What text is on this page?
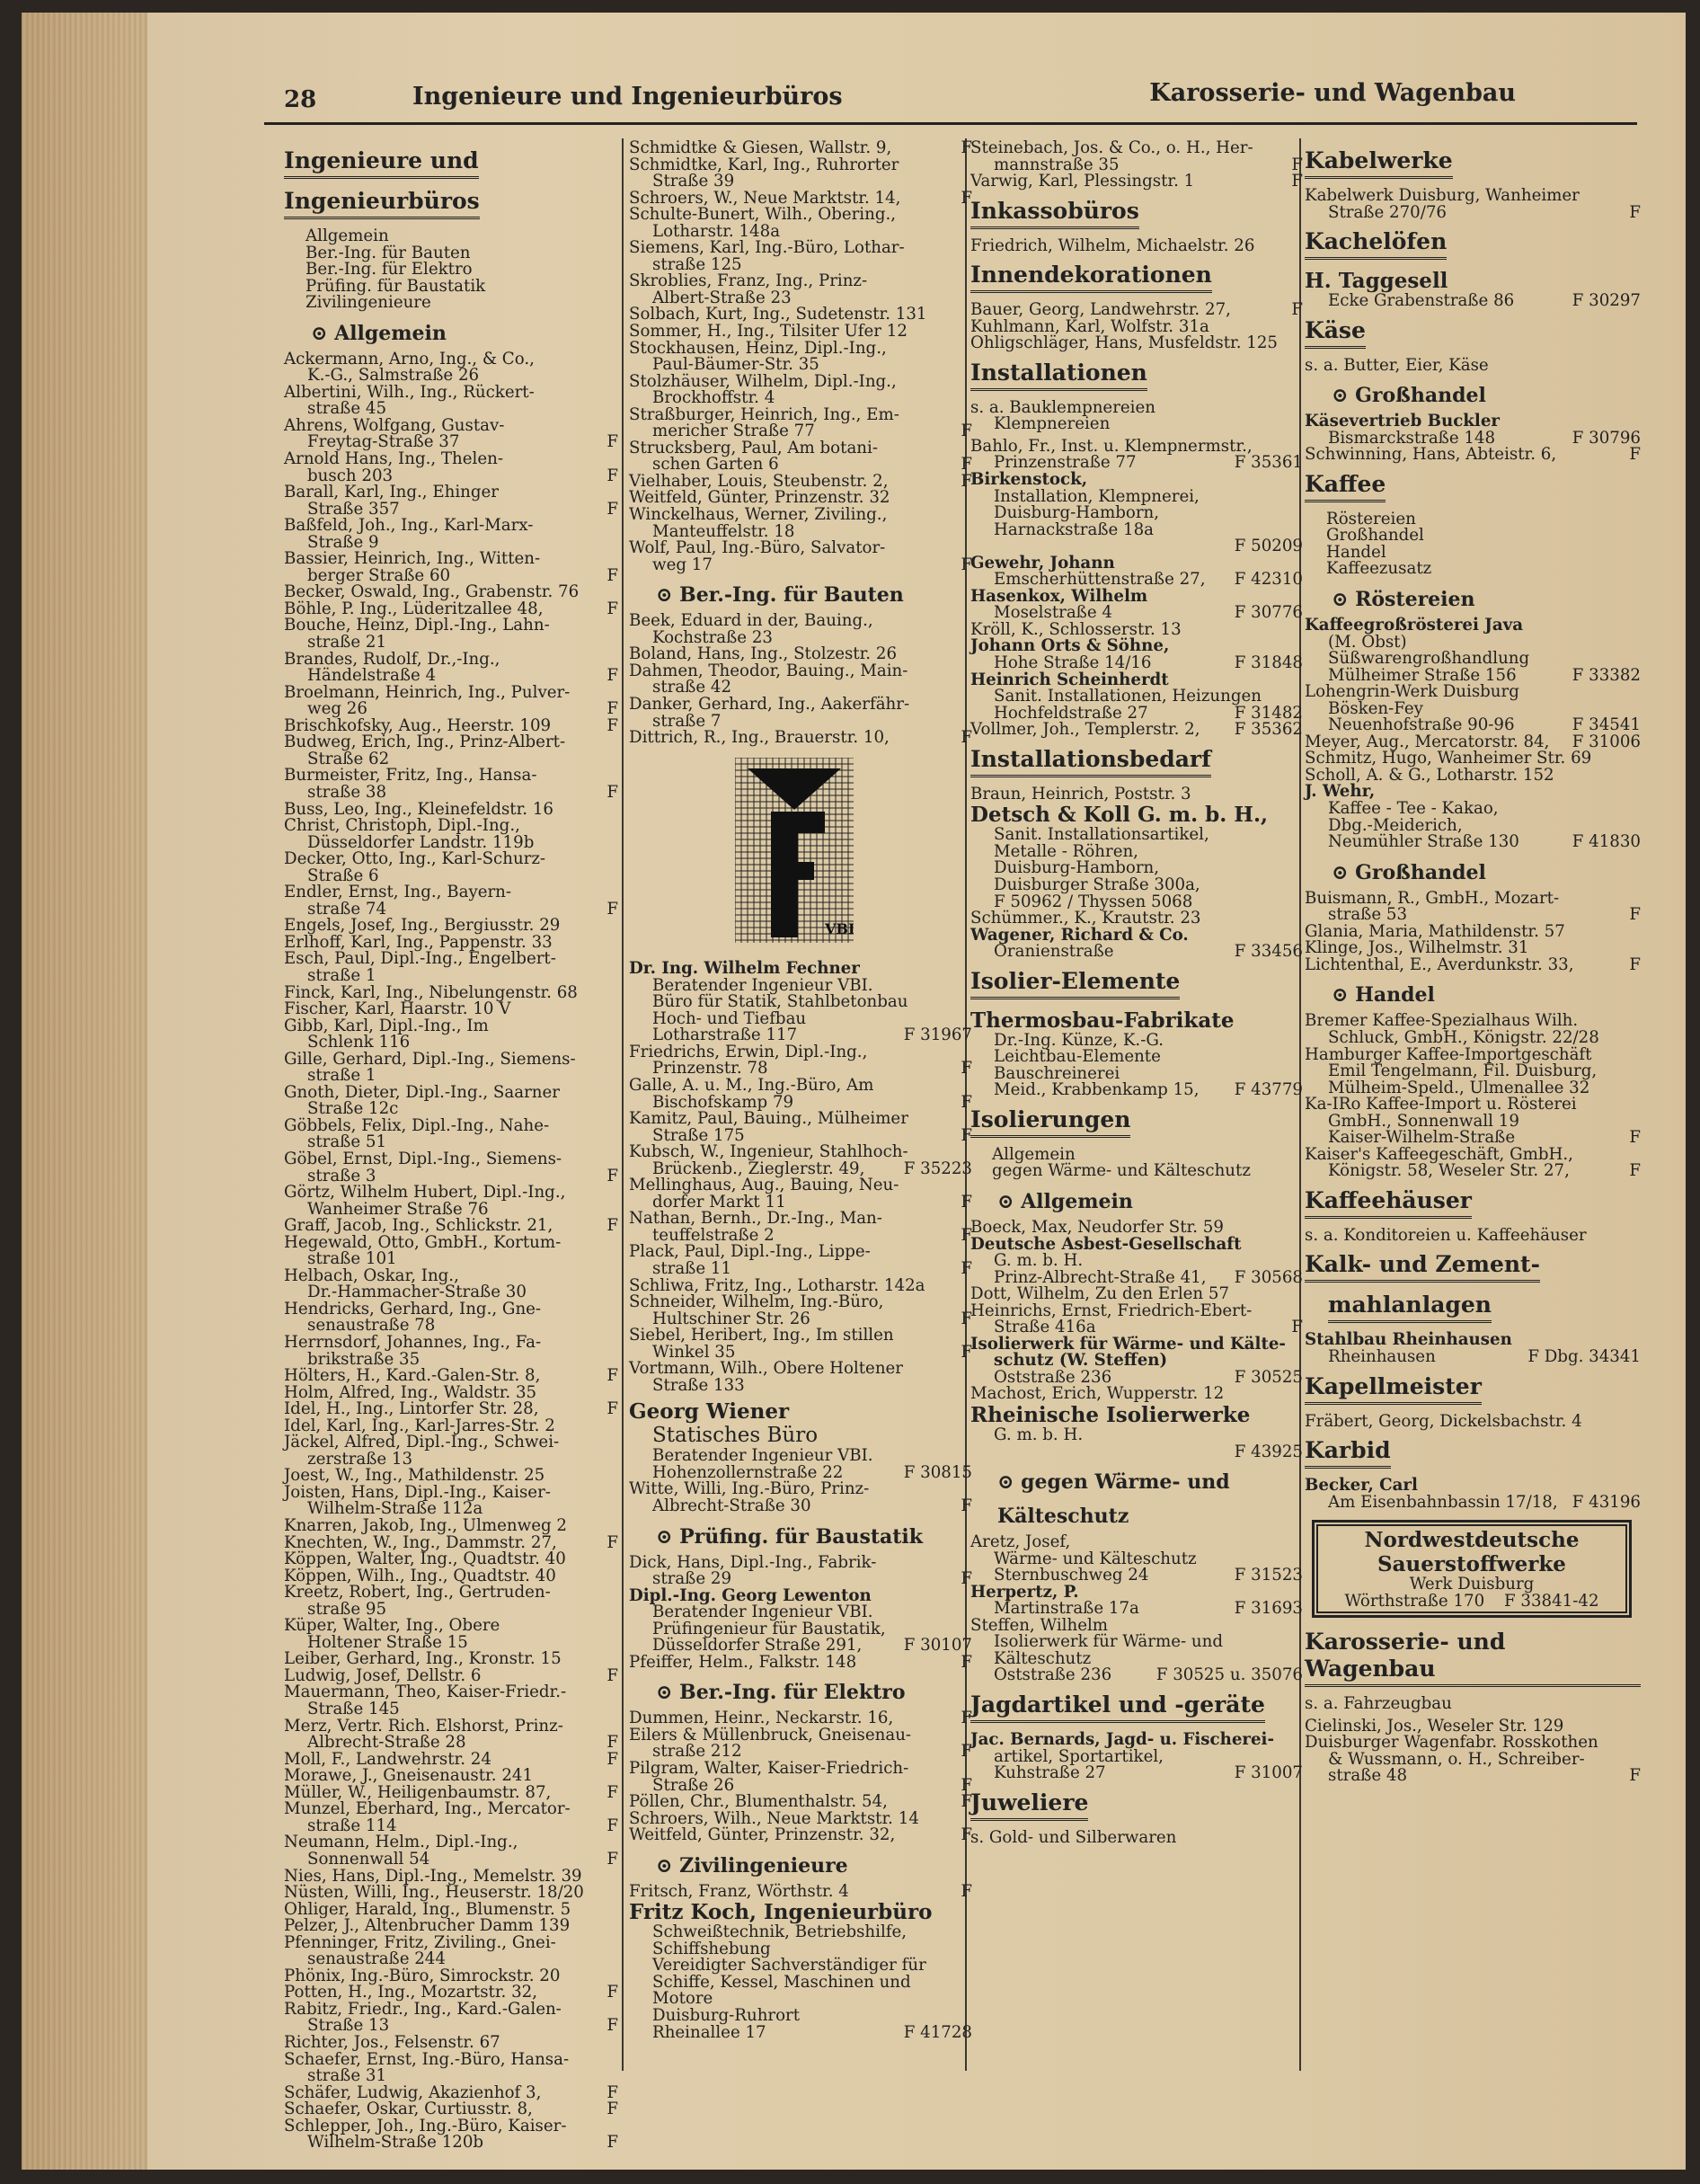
28	Ingenieure und Ingenieurbüros	Karosserie- und Wagenbau
Ingenieure und
Ingenieurbüros
Allgemein
Ber.-Ing. für Bauten
Ber.-Ing. für Elektro
Prüfing. für Baustatik
Zivilingenieure
⊙ Allgemein
Ackermann, Arno, Ing., & Co.,
K.-G., Salmstraße 26
Albertini, Wilh., Ing., Rückert-
straße 45
Ahrens, Wolfgang, Gustav-
Freytag-Straße 37	F
Arnold Hans, Ing., Thelen-
busch 203	F
Barall, Karl, Ing., Ehinger
Straße 357	F
Baßfeld, Joh., Ing., Karl-Marx-
Straße 9
Bassier, Heinrich, Ing., Witten-
berger Straße 60	F
Becker, Oswald, Ing., Grabenstr. 76
Böhle, P. Ing., Lüderitzallee 48,	F
Bouche, Heinz, Dipl.-Ing., Lahn-
straße 21
Brandes, Rudolf, Dr.,-Ing.,
Händelstraße 4	F
Broelmann, Heinrich, Ing., Pulver-
weg 26	F
Brischkofsky, Aug., Heerstr. 109	F
Budweg, Erich, Ing., Prinz-Albert-
Straße 62
Burmeister, Fritz, Ing., Hansa-
straße 38	F
Buss, Leo, Ing., Kleinefeldstr. 16
Christ, Christoph, Dipl.-Ing.,
Düsseldorfer Landstr. 119b
Decker, Otto, Ing., Karl-Schurz-
Straße 6
Endler, Ernst, Ing., Bayern-
straße 74	F
Engels, Josef, Ing., Bergiusstr. 29
Erlhoff, Karl, Ing., Pappenstr. 33
Esch, Paul, Dipl.-Ing., Engelbert-
straße 1
Finck, Karl, Ing., Nibelungenstr. 68
Fischer, Karl, Haarstr. 10 V
Gibb, Karl, Dipl.-Ing., Im
Schlenk 116
Gille, Gerhard, Dipl.-Ing., Siemens-
straße 1
Gnoth, Dieter, Dipl.-Ing., Saarner
Straße 12c
Göbbels, Felix, Dipl.-Ing., Nahe-
straße 51
Göbel, Ernst, Dipl.-Ing., Siemens-
straße 3	F
Görtz, Wilhelm Hubert, Dipl.-Ing.,
Wanheimer Straße 76
Graff, Jacob, Ing., Schlickstr. 21,	F
Hegewald, Otto, GmbH., Kortum-
straße 101
Helbach, Oskar, Ing.,
Dr.-Hammacher-Straße 30
Hendricks, Gerhard, Ing., Gne-
senaustraße 78
Herrnsdorf, Johannes, Ing., Fa-
brikstraße 35
Hölters, H., Kard.-Galen-Str. 8,	F
Holm, Alfred, Ing., Waldstr. 35
Idel, H., Ing., Lintorfer Str. 28,	F
Idel, Karl, Ing., Karl-Jarres-Str. 2
Jäckel, Alfred, Dipl.-Ing., Schwei-
zerstraße 13
Joest, W., Ing., Mathildenstr. 25
Joisten, Hans, Dipl.-Ing., Kaiser-
Wilhelm-Straße 112a
Knarren, Jakob, Ing., Ulmenweg 2
Knechten, W., Ing., Dammstr. 27,	F
Köppen, Walter, Ing., Quadtstr. 40
Köppen, Wilh., Ing., Quadtstr. 40
Kreetz, Robert, Ing., Gertruden-
straße 95
Küper, Walter, Ing., Obere
Holtener Straße 15
Leiber, Gerhard, Ing., Kronstr. 15
Ludwig, Josef, Dellstr. 6	F
Mauermann, Theo, Kaiser-Friedr.-
Straße 145
Merz, Vertr. Rich. Elshorst, Prinz-
Albrecht-Straße 28	F
Moll, F., Landwehrstr. 24	F
Morawe, J., Gneisenaustr. 241
Müller, W., Heiligenbaumstr. 87,	F
Munzel, Eberhard, Ing., Mercator-
straße 114	F
Neumann, Helm., Dipl.-Ing.,
Sonnenwall 54	F
Nies, Hans, Dipl.-Ing., Memelstr. 39
Nüsten, Willi, Ing., Heuserstr. 18/20
Ohliger, Harald, Ing., Blumenstr. 5
Pelzer, J., Altenbrucher Damm 139
Pfenninger, Fritz, Ziviling., Gnei-
senaustraße 244
Phönix, Ing.-Büro, Simrockstr. 20
Potten, H., Ing., Mozartstr. 32,	F
Rabitz, Friedr., Ing., Kard.-Galen-
Straße 13	F
Richter, Jos., Felsenstr. 67
Schaefer, Ernst, Ing.-Büro, Hansa-
straße 31
Schäfer, Ludwig, Akazienhof 3,	F
Schaefer, Oskar, Curtiusstr. 8,	F
Schlepper, Joh., Ing.-Büro, Kaiser-
Wilhelm-Straße 120b	F
Schmidtke & Giesen, Wallstr. 9,	F
Schmidtke, Karl, Ing., Ruhrorter
Straße 39
Schroers, W., Neue Marktstr. 14,	F
Schulte-Bunert, Wilh., Obering.,
Lotharstr. 148a
Siemens, Karl, Ing.-Büro, Lothar-
straße 125
Skroblies, Franz, Ing., Prinz-
Albert-Straße 23
Solbach, Kurt, Ing., Sudetenstr. 131
Sommer, H., Ing., Tilsiter Ufer 12
Stockhausen, Heinz, Dipl.-Ing.,
Paul-Bäumer-Str. 35
Stolzhäuser, Wilhelm, Dipl.-Ing.,
Brockhoffstr. 4
Straßburger, Heinrich, Ing., Em-
mericher Straße 77	F
Strucksberg, Paul, Am botani-
schen Garten 6	F
Vielhaber, Louis, Steubenstr. 2,	F
Weitfeld, Günter, Prinzenstr. 32
Winckelhaus, Werner, Ziviling.,
Manteuffelstr. 18
Wolf, Paul, Ing.-Büro, Salvator-
weg 17	F
⊙ Ber.-Ing. für Bauten
Beek, Eduard in der, Bauing.,
Kochstraße 23
Boland, Hans, Ing., Stolzestr. 26
Dahmen, Theodor, Bauing., Main-
straße 42
Danker, Gerhard, Ing., Aakerfähr-
straße 7
Dittrich, R., Ing., Brauerstr. 10,	F
VBI
Dr. Ing. Wilhelm Fechner
Beratender Ingenieur VBI.
Büro für Statik, Stahlbetonbau
Hoch- und Tiefbau
Lotharstraße 117	F 31967
Friedrichs, Erwin, Dipl.-Ing.,
Prinzenstr. 78	F
Galle, A. u. M., Ing.-Büro, Am
Bischofskamp 79	F
Kamitz, Paul, Bauing., Mülheimer
Straße 175	F
Kubsch, W., Ingenieur, Stahlhoch-
Brückenb., Zieglerstr. 49,	F 35223
Mellinghaus, Aug., Bauing, Neu-
dorfer Markt 11	F
Nathan, Bernh., Dr.-Ing., Man-
teuffelstraße 2	F
Plack, Paul, Dipl.-Ing., Lippe-
straße 11	F
Schliwa, Fritz, Ing., Lotharstr. 142a
Schneider, Wilhelm, Ing.-Büro,
Hultschiner Str. 26	F
Siebel, Heribert, Ing., Im stillen
Winkel 35	F
Vortmann, Wilh., Obere Holtener
Straße 133
Georg Wiener
Statisches Büro
Beratender Ingenieur VBI.
Hohenzollernstraße 22	F 30815
Witte, Willi, Ing.-Büro, Prinz-
Albrecht-Straße 30	F
⊙ Prüfing. für Baustatik
Dick, Hans, Dipl.-Ing., Fabrik-
straße 29	F
Dipl.-Ing. Georg Lewenton
Beratender Ingenieur VBI.
Prüfingenieur für Baustatik,
Düsseldorfer Straße 291,	F 30107
Pfeiffer, Helm., Falkstr. 148	F
⊙ Ber.-Ing. für Elektro
Dummen, Heinr., Neckarstr. 16,	F
Eilers & Müllenbruck, Gneisenau-
straße 212	F
Pilgram, Walter, Kaiser-Friedrich-
Straße 26	F
Pöllen, Chr., Blumenthalstr. 54,	F
Schroers, Wilh., Neue Marktstr. 14
Weitfeld, Günter, Prinzenstr. 32,	F
⊙ Zivilingenieure
Fritsch, Franz, Wörthstr. 4	F
Fritz Koch, Ingenieurbüro
Schweißtechnik, Betriebshilfe,
Schiffshebung
Vereidigter Sachverständiger für
Schiffe, Kessel, Maschinen und
Motore
Duisburg-Ruhrort
Rheinallee 17	F 41728
Steinebach, Jos. & Co., o. H., Her-
mannstraße 35	F
Varwig, Karl, Plessingstr. 1	F
Inkassobüros
Friedrich, Wilhelm, Michaelstr. 26
Innendekorationen
Bauer, Georg, Landwehrstr. 27,	F
Kuhlmann, Karl, Wolfstr. 31a
Ohligschläger, Hans, Musfeldstr. 125
Installationen
s. a. Bauklempnereien
Klempnereien
Bahlo, Fr., Inst. u. Klempnermstr.,
Prinzenstraße 77	F 35361
Birkenstock,
Installation, Klempnerei,
Duisburg-Hamborn,
Harnackstraße 18a
F 50209
Gewehr, Johann
Emscherhüttenstraße 27,	F 42310
Hasenkox, Wilhelm
Moselstraße 4	F 30776
Kröll, K., Schlosserstr. 13
Johann Orts & Söhne,
Hohe Straße 14/16	F 31848
Heinrich Scheinherdt
Sanit. Installationen, Heizungen
Hochfeldstraße 27	F 31482
Vollmer, Joh., Templerstr. 2,	F 35362
Installationsbedarf
Braun, Heinrich, Poststr. 3
Detsch & Koll G. m. b. H.,
Sanit. Installationsartikel,
Metalle - Röhren,
Duisburg-Hamborn,
Duisburger Straße 300a,
F 50962 / Thyssen 5068
Schümmer., K., Krautstr. 23
Wagener, Richard & Co.
Oranienstraße	F 33456
Isolier-Elemente
Thermosbau-Fabrikate
Dr.-Ing. Künze, K.-G.
Leichtbau-Elemente
Bauschreinerei
Meid., Krabbenkamp 15,	F 43779
Isolierungen
Allgemein
gegen Wärme- und Kälteschutz
⊙ Allgemein
Boeck, Max, Neudorfer Str. 59
Deutsche Asbest-Gesellschaft
G. m. b. H.
Prinz-Albrecht-Straße 41,	F 30568
Dott, Wilhelm, Zu den Erlen 57
Heinrichs, Ernst, Friedrich-Ebert-
Straße 416a	F
Isolierwerk für Wärme- und Kälte-
schutz (W. Steffen)
Oststraße 236	F 30525
Machost, Erich, Wupperstr. 12
Rheinische Isolierwerke
G. m. b. H.
F 43925
⊙ gegen Wärme- und
Kälteschutz
Aretz, Josef,
Wärme- und Kälteschutz
Sternbuschweg 24	F 31523
Herpertz, P.
Martinstraße 17a	F 31693
Steffen, Wilhelm
Isolierwerk für Wärme- und
Kälteschutz
Oststraße 236	F 30525 u. 35076
Jagdartikel und -geräte
Jac. Bernards, Jagd- u. Fischerei-
artikel, Sportartikel,
Kuhstraße 27	F 31007
Juweliere
s. Gold- und Silberwaren
Kabelwerke
Kabelwerk Duisburg, Wanheimer
Straße 270/76	F
Kachelöfen
H. Taggesell
Ecke Grabenstraße 86	F 30297
Käse
s. a. Butter, Eier, Käse
⊙ Großhandel
Käsevertrieb Buckler
Bismarckstraße 148	F 30796
Schwinning, Hans, Abteistr. 6,	F
Kaffee
Röstereien
Großhandel
Handel
Kaffeezusatz
⊙ Röstereien
Kaffeegroßrösterei Java
(M. Obst)
Süßwarengroßhandlung
Mülheimer Straße 156	F 33382
Lohengrin-Werk Duisburg
Bösken-Fey
Neuenhofstraße 90-96	F 34541
Meyer, Aug., Mercatorstr. 84,	F 31006
Schmitz, Hugo, Wanheimer Str. 69
Scholl, A. & G., Lotharstr. 152
J. Wehr,
Kaffee - Tee - Kakao,
Dbg.-Meiderich,
Neumühler Straße 130	F 41830
⊙ Großhandel
Buismann, R., GmbH., Mozart-
straße 53	F
Glania, Maria, Mathildenstr. 57
Klinge, Jos., Wilhelmstr. 31
Lichtenthal, E., Averdunkstr. 33,	F
⊙ Handel
Bremer Kaffee-Spezialhaus Wilh.
Schluck, GmbH., Königstr. 22/28
Hamburger Kaffee-Importgeschäft
Emil Tengelmann, Fil. Duisburg,
Mülheim-Speld., Ulmenallee 32
Ka-IRo Kaffee-Import u. Rösterei
GmbH., Sonnenwall 19
Kaiser-Wilhelm-Straße	F
Kaiser's Kaffeegeschäft, GmbH.,
Königstr. 58, Weseler Str. 27,	F
Kaffeehäuser
s. a. Konditoreien u. Kaffeehäuser
Kalk- und Zement-
mahlanlagen
Stahlbau Rheinhausen
Rheinhausen	F Dbg. 34341
Kapellmeister
Fräbert, Georg, Dickelsbachstr. 4
Karbid
Becker, Carl
Am Eisenbahnbassin 17/18, F 43196
Nordwestdeutsche
Sauerstoffwerke
Werk Duisburg
Wörthstraße 170 F 33841-42
Karosserie- und Wagenbau
s. a. Fahrzeugbau
Cielinski, Jos., Weseler Str. 129
Duisburger Wagenfabr. Rosskothen
& Wussmann, o. H., Schreiber-
straße 48	F
